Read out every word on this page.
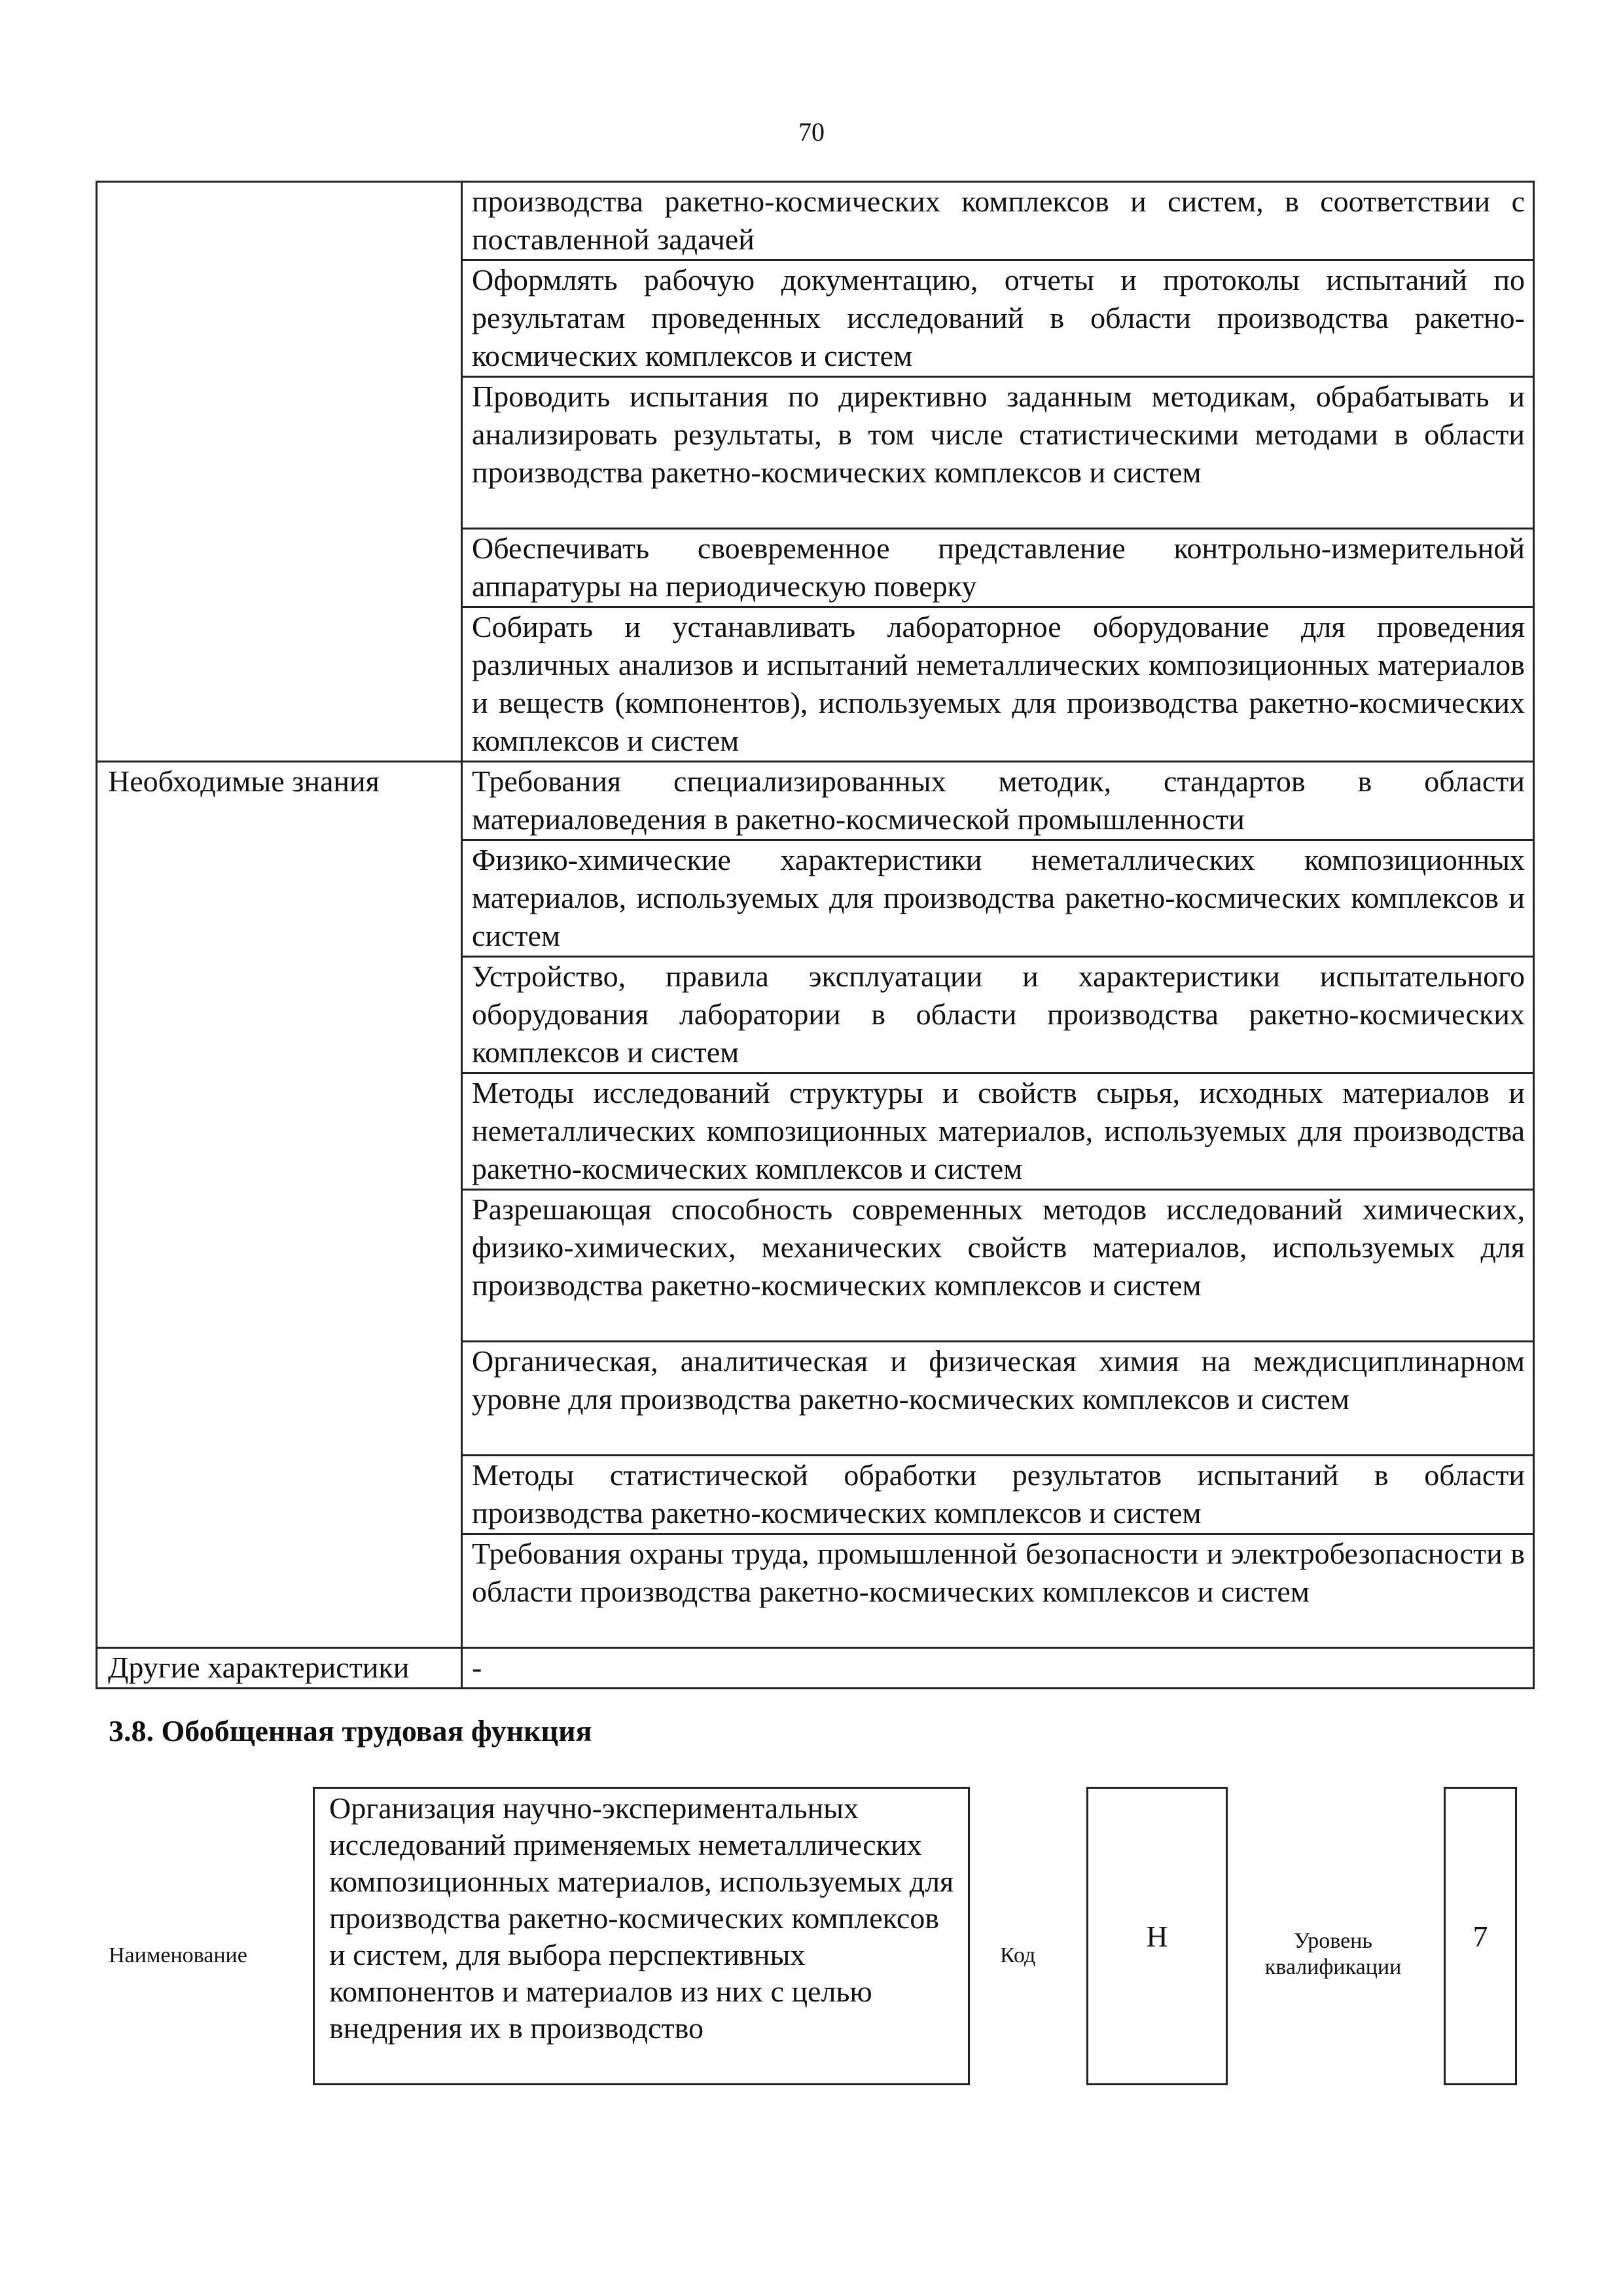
70
	производства ракетно-космических комплексов и систем, в соответствии с поставленной задачей
	Оформлять рабочую документацию, отчеты и протоколы испытаний по результатам проведенных исследований в области производства ракетно-космических комплексов и систем
	Проводить испытания по директивно заданным методикам, обрабатывать и анализировать результаты, в том числе статистическими методами в области производства ракетно-космических комплексов и систем
	Обеспечивать своевременное представление контрольно-измерительной аппаратуры на периодическую поверку
	Собирать и устанавливать лабораторное оборудование для проведения различных анализов и испытаний неметаллических композиционных материалов и веществ (компонентов), используемых для производства ракетно-космических комплексов и систем
Необходимые знания	Требования специализированных методик, стандартов в области материаловедения в ракетно-космической промышленности
	Физико-химические характеристики неметаллических композиционных материалов, используемых для производства ракетно-космических комплексов и систем
	Устройство, правила эксплуатации и характеристики испытательного оборудования лаборатории в области производства ракетно-космических комплексов и систем
	Методы исследований структуры и свойств сырья, исходных материалов и неметаллических композиционных материалов, используемых для производства ракетно-космических комплексов и систем
	Разрешающая способность современных методов исследований химических, физико-химических, механических свойств материалов, используемых для производства ракетно-космических комплексов и систем
	Органическая, аналитическая и физическая химия на междисциплинарном уровне для производства ракетно-космических комплексов и систем
	Методы статистической обработки результатов испытаний в области производства ракетно-космических комплексов и систем
	Требования охраны труда, промышленной безопасности и электробезопасности в области производства ракетно-космических комплексов и систем
Другие характеристики	-
3.8. Обобщенная трудовая функция
Наименование
Организация научно-экспериментальных исследований применяемых неметаллических композиционных материалов, используемых для производства ракетно-космических комплексов и систем, для выбора перспективных компонентов и материалов из них с целью внедрения их в производство
Код
H	Уровень квалификации
7
